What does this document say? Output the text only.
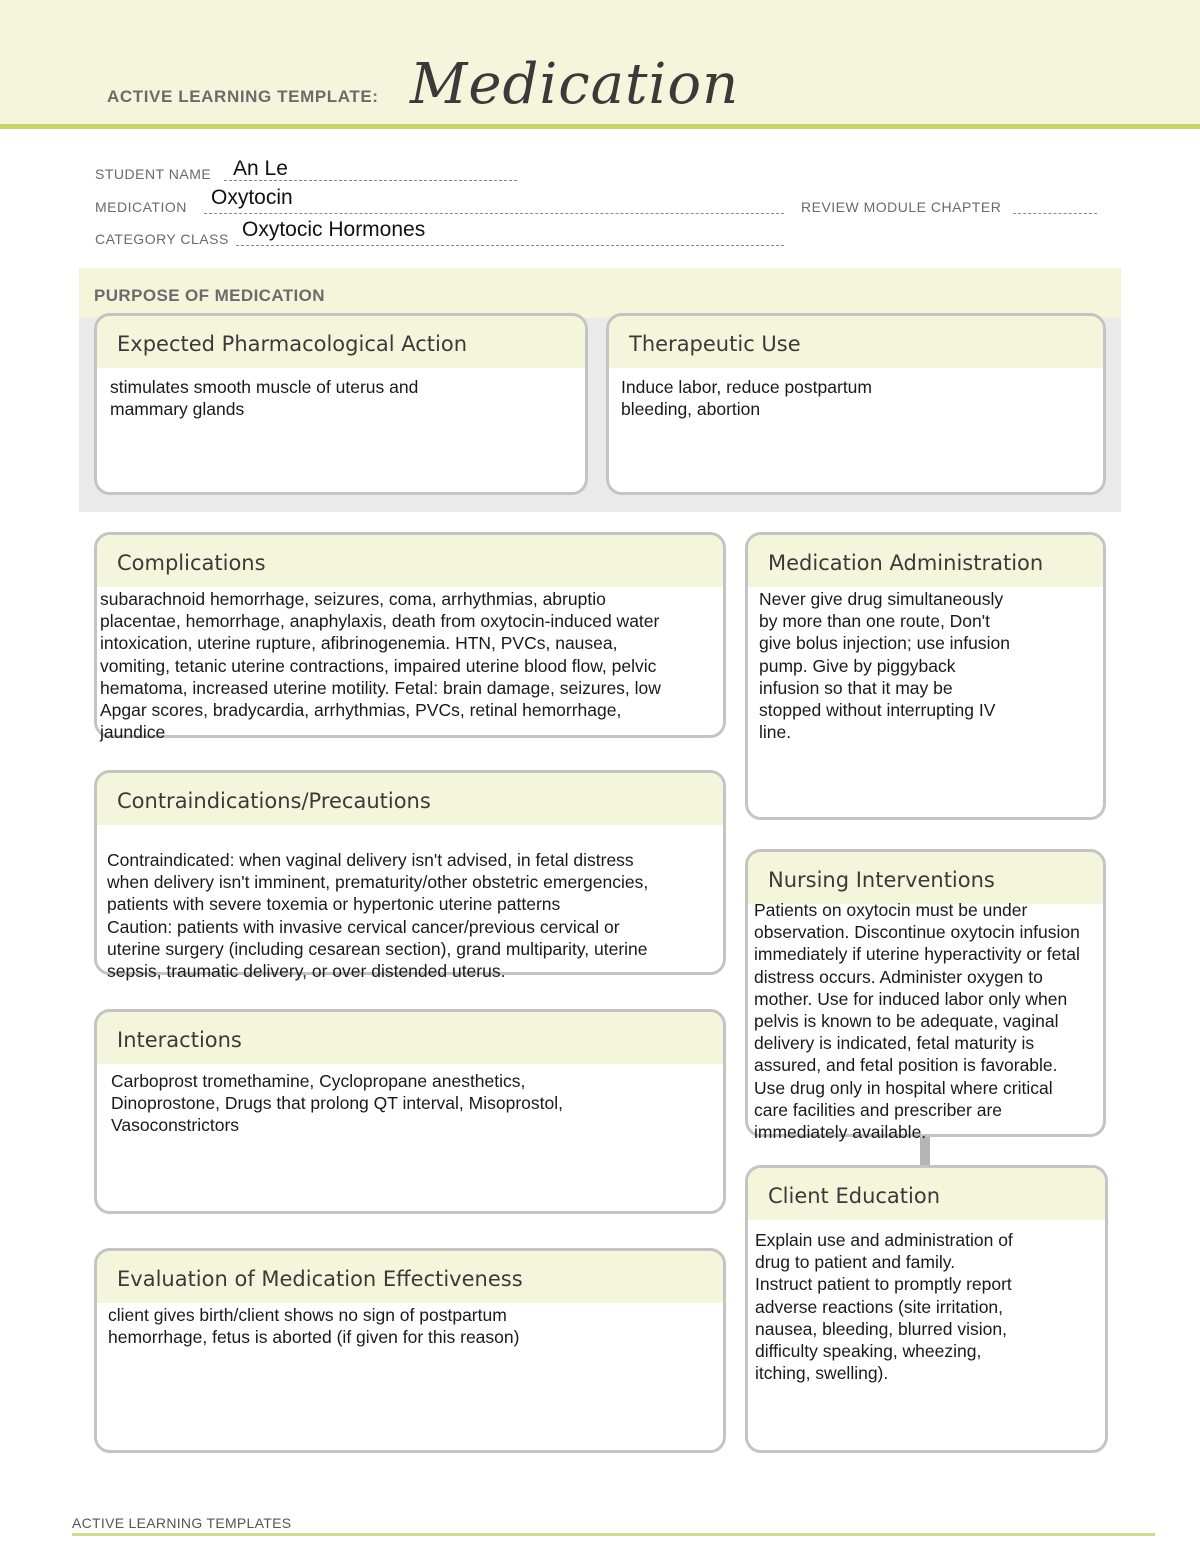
ACTIVE LEARNING TEMPLATE: Medication
STUDENT NAME An Le
MEDICATION Oxytocin	REVIEW MODULE CHAPTER
CATEGORY CLASS Oxytocic Hormones
PURPOSE OF MEDICATION
Expected Pharmacological Action
stimulates smooth muscle of uterus and
mammary glands
Therapeutic Use
Induce labor, reduce postpartum
bleeding, abortion
Complications
subarachnoid hemorrhage, seizures, coma, arrhythmias, abruptio
placentae, hemorrhage, anaphylaxis, death from oxytocin-induced water
intoxication, uterine rupture, afibrinogenemia. HTN, PVCs, nausea,
vomiting, tetanic uterine contractions, impaired uterine blood flow, pelvic
hematoma, increased uterine motility. Fetal: brain damage, seizures, low
Apgar scores, bradycardia, arrhythmias, PVCs, retinal hemorrhage,
jaundice
Medication Administration
Never give drug simultaneously
by more than one route, Don't
give bolus injection; use infusion
pump. Give by piggyback
infusion so that it may be
stopped without interrupting IV
line.
Contraindications/Precautions
Contraindicated: when vaginal delivery isn't advised, in fetal distress
when delivery isn't imminent, prematurity/other obstetric emergencies,
patients with severe toxemia or hypertonic uterine patterns
Caution: patients with invasive cervical cancer/previous cervical or
uterine surgery (including cesarean section), grand multiparity, uterine
sepsis, traumatic delivery, or over distended uterus.
Nursing Interventions
Patients on oxytocin must be under
observation. Discontinue oxytocin infusion
immediately if uterine hyperactivity or fetal
distress occurs. Administer oxygen to
mother. Use for induced labor only when
pelvis is known to be adequate, vaginal
delivery is indicated, fetal maturity is
assured, and fetal position is favorable.
Use drug only in hospital where critical
care facilities and prescriber are
immediately available.
Interactions
Carboprost tromethamine, Cyclopropane anesthetics,
Dinoprostone, Drugs that prolong QT interval, Misoprostol,
Vasoconstrictors
Client Education
Explain use and administration of
drug to patient and family.
Instruct patient to promptly report
adverse reactions (site irritation,
nausea, bleeding, blurred vision,
difficulty speaking, wheezing,
itching, swelling).
Evaluation of Medication Effectiveness
client gives birth/client shows no sign of postpartum
hemorrhage, fetus is aborted (if given for this reason)
ACTIVE LEARNING TEMPLATES
